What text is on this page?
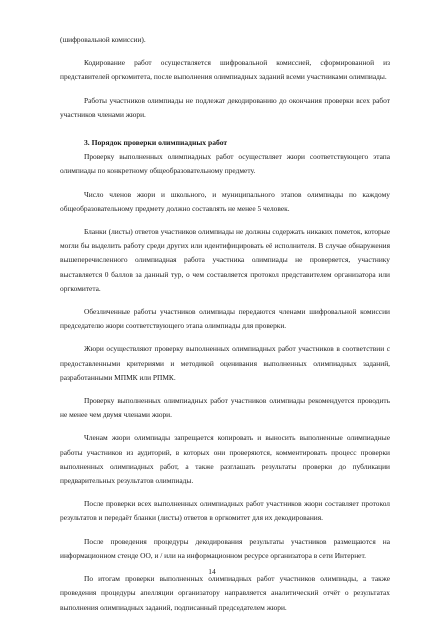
(шифровальной комиссии).

Кодирование работ осуществляется шифровальной комиссией, сформированной из представителей оргкомитета, после выполнения олимпиадных заданий всеми участниками олимпиады.

Работы участников олимпиады не подлежат декодированию до окончания проверки всех работ участников членами жюри.

3. Порядок проверки олимпиадных работ

Проверку выполненных олимпиадных работ осуществляет жюри соответствующего этапа олимпиады по конкретному общеобразовательному предмету.

Число членов жюри и школьного, и муниципального этапов олимпиады по каждому общеобразовательному предмету должно составлять не менее 5 человек.

Бланки (листы) ответов участников олимпиады не должны содержать никаких пометок, которые могли бы выделить работу среди других или идентифицировать её исполнителя. В случае обнаружения вышеперечисленного олимпиадная работа участника олимпиады не проверяется, участнику выставляется 0 баллов за данный тур, о чем составляется протокол представителем организатора или оргкомитета.

Обезличенные работы участников олимпиады передаются членами шифровальной комиссии председателю жюри соответствующего этапа олимпиады для проверки.

Жюри осуществляют проверку выполненных олимпиадных работ участников в соответствии с предоставленными критериями и методикой оценивания выполненных олимпиадных заданий, разработанными МПМК или РПМК.

Проверку выполненных олимпиадных работ участников олимпиады рекомендуется проводить не менее чем двумя членами жюри.

Членам жюри олимпиады запрещается копировать и выносить выполненные олимпиадные работы участников из аудиторий, в которых они проверяются, комментировать процесс проверки выполненных олимпиадных работ, а также разглашать результаты проверки до публикации предварительных результатов олимпиады.

После проверки всех выполненных олимпиадных работ участников жюри составляет протокол результатов и передаёт бланки (листы) ответов в оргкомитет для их декодирования.

После проведения процедуры декодирования результаты участников размещаются на информационном стенде ОО, и / или на информационном ресурсе организатора в сети Интернет.

По итогам проверки выполненных олимпиадных работ участников олимпиады, а также проведения процедуры апелляции организатору направляется аналитический отчёт о результатах выполнения олимпиадных заданий, подписанный председателем жюри.

14
